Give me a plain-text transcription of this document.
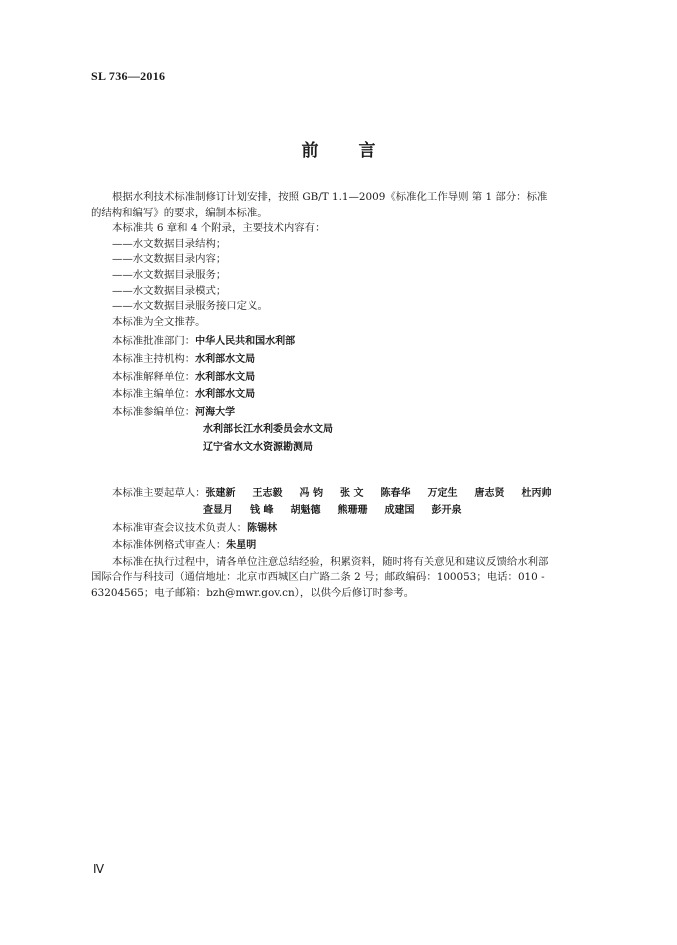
SL 736—2016
前 言

根据水利技术标准制修订计划安排，按照 GB/T 1.1—2009《标准化工作导则 第 1 部分：标准

的结构和编写》的要求，编制本标准。

本标准共 6 章和 4 个附录，主要技术内容有：

——水文数据目录结构；

——水文数据目录内容；

——水文数据目录服务；

——水文数据目录模式；

——水文数据目录服务接口定义。

本标准为全文推荐。

本标准批准部门： 中华人民共和国水利部
本标准主持机构： 水利部水文局
本标准解释单位： 水利部水文局
本标准主编单位： 水利部水文局
本标准参编单位： 河海大学
水利部长江水利委员会水文局
辽宁省水文水资源勘测局
本标准主要起草人： 张建新 王志毅 冯 钧 张 文 陈春华 万定生 唐志贤 杜丙帅
查显月 钱 峰 胡魁德 熊珊珊 成建国 彭开泉
本标准审查会议技术负责人： 陈锡林
本标准体例格式审查人： 朱星明

本标准在执行过程中，请各单位注意总结经验，积累资料，随时将有关意见和建议反馈给水利部

国际合作与科技司（通信地址：北京市西城区白广路二条 2 号；邮政编码：100053；电话：010 -

63204565；电子邮箱：bzh@mwr.gov.cn），以供今后修订时参考。

Ⅳ
